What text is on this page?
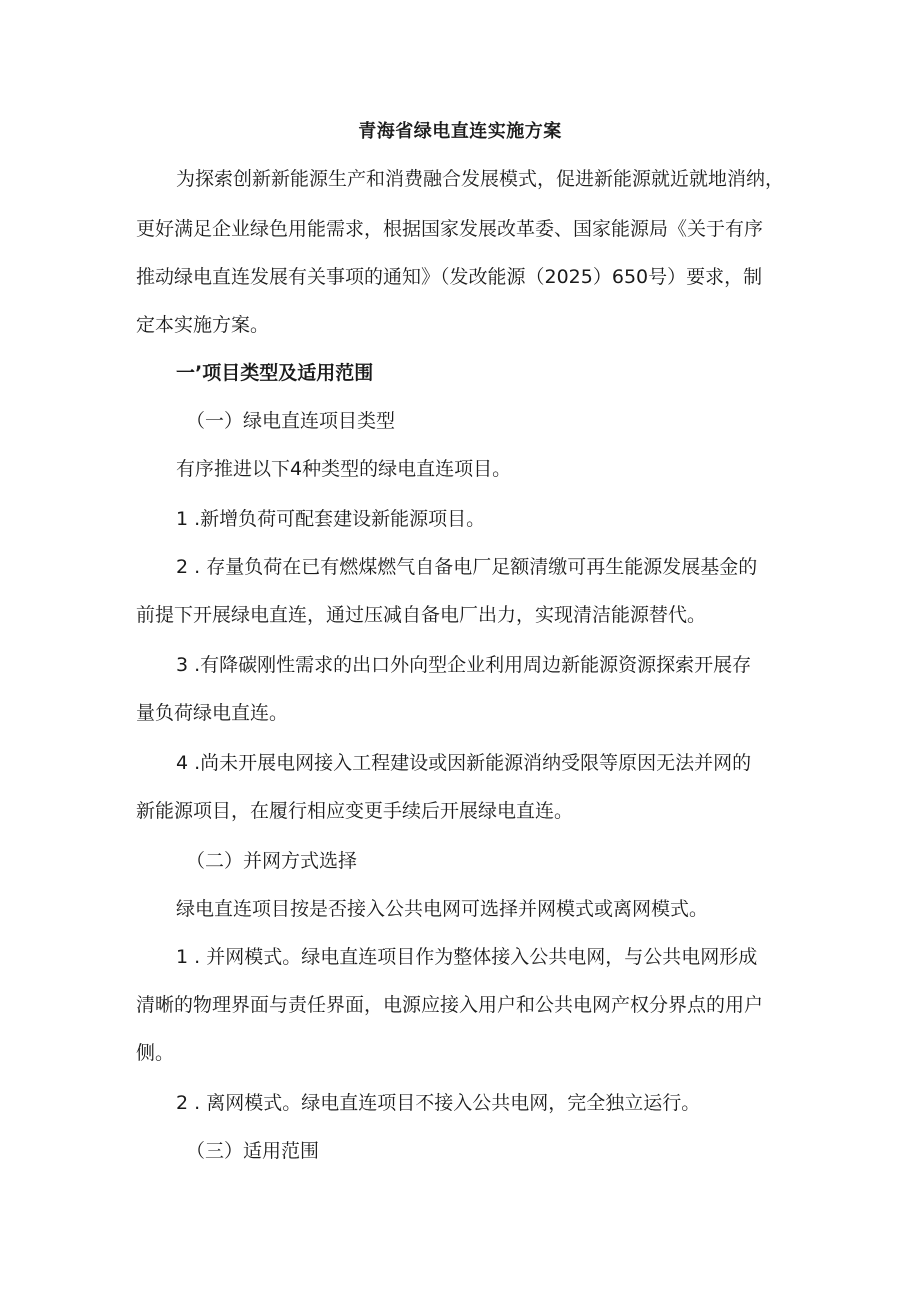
青海省绿电直连实施方案
为探索创新新能源生产和消费融合发展模式，促进新能源就近就地消纳，
更好满足企业绿色用能需求，根据国家发展改革委、国家能源局《关于有序
推动绿电直连发展有关事项的通知》（发改能源（2025）650号）要求，制
定本实施方案。
一’项目类型及适用范围
（一）绿电直连项目类型
有序推进以下4种类型的绿电直连项目。
1 .新增负荷可配套建设新能源项目。
2 . 存量负荷在已有燃煤燃气自备电厂足额清缴可再生能源发展基金的
前提下开展绿电直连，通过压减自备电厂出力，实现清洁能源替代。
3 .有降碳刚性需求的出口外向型企业利用周边新能源资源探索开展存
量负荷绿电直连。
4 .尚未开展电网接入工程建设或因新能源消纳受限等原因无法并网的
新能源项目，在履行相应变更手续后开展绿电直连。
（二）并网方式选择
绿电直连项目按是否接入公共电网可选择并网模式或离网模式。
1 . 并网模式。绿电直连项目作为整体接入公共电网，与公共电网形成
清晰的物理界面与责任界面，电源应接入用户和公共电网产权分界点的用户
侧。
2 . 离网模式。绿电直连项目不接入公共电网，完全独立运行。
（三）适用范围
